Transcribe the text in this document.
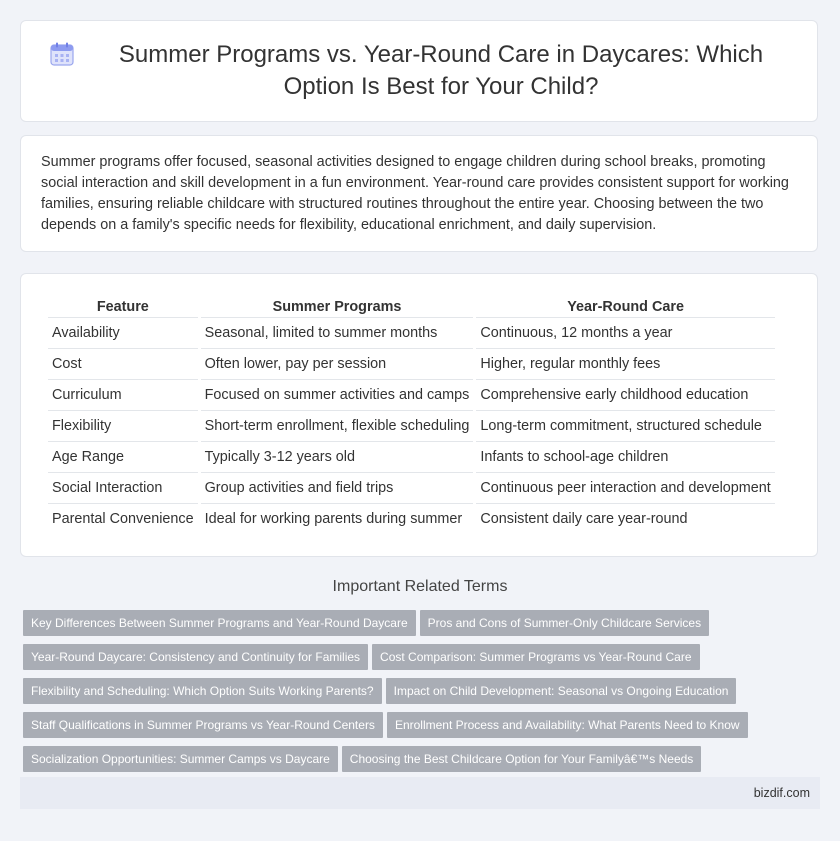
Summer Programs vs. Year-Round Care in Daycares: Which Option Is Best for Your Child?

Summer programs offer focused, seasonal activities designed to engage children during school breaks, promoting social interaction and skill development in a fun environment. Year-round care provides consistent support for working families, ensuring reliable childcare with structured routines throughout the entire year. Choosing between the two depends on a family's specific needs for flexibility, educational enrichment, and daily supervision.

Feature	Summer Programs	Year-Round Care
Availability	Seasonal, limited to summer months	Continuous, 12 months a year
Cost	Often lower, pay per session	Higher, regular monthly fees
Curriculum	Focused on summer activities and camps	Comprehensive early childhood education
Flexibility	Short-term enrollment, flexible scheduling	Long-term commitment, structured schedule
Age Range	Typically 3-12 years old	Infants to school-age children
Social Interaction	Group activities and field trips	Continuous peer interaction and development
Parental Convenience	Ideal for working parents during summer	Consistent daily care year-round
Important Related Terms
Key Differences Between Summer Programs and Year-Round Daycare Pros and Cons of Summer-Only Childcare Services
Year-Round Daycare: Consistency and Continuity for Families Cost Comparison: Summer Programs vs Year-Round Care
Flexibility and Scheduling: Which Option Suits Working Parents? Impact on Child Development: Seasonal vs Ongoing Education
Staff Qualifications in Summer Programs vs Year-Round Centers Enrollment Process and Availability: What Parents Need to Know
Socialization Opportunities: Summer Camps vs Daycare Choosing the Best Childcare Option for Your Familyâ€™s Needs
bizdif.com
